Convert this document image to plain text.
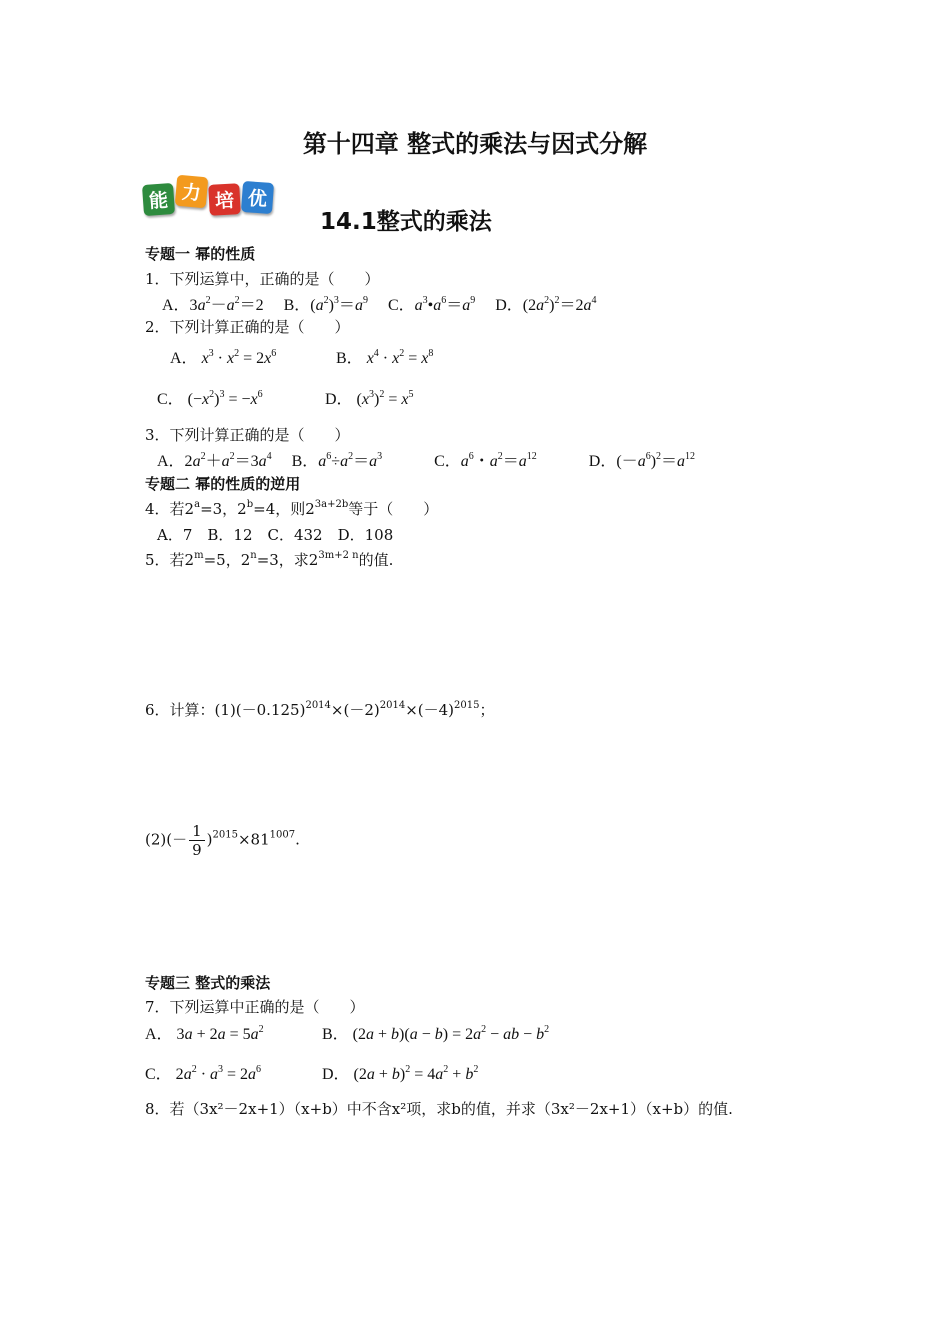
第十四章 整式的乘法与因式分解
能 力 培 优
14.1整式的乘法
专题一 幂的性质
1．下列运算中，正确的是（　　）
A．$3a^2-a^2=2$　 B．$(a^2)^3=a^9$　 C．$a^3•a^6=a^9$　 D．$(2a^2)^2=2a^4$
2．下列计算正确的是（　　）
A． $x^3 \cdot x^2 = 2x^6$	B． $x^4 \cdot x^2 = x^8$
C． $(-x^2)^3 = -x^6$	D． $(x^3)^2 = x^5$
3．下列计算正确的是（　　）
A．$2a^2+a^2=3a^4$　 B．$a^6\div a^2=a^3$　　　 C．$a^6$・$a^2=a^{12}$　　　 D．$(-a^6)^2=a^{12}$
专题二 幂的性质的逆用
4．若$2^a=3$，$2^b=4$，则$2^{3a+2b}$等于（　　）
A．7　B．12　C．432　D．108
5．若$2^m=5$，$2^n=3$，求$2^{3m+2 n}$的值.
6．计算：$(1)(-0.125)^{2014}\times(-2)^{2014}\times(-4)^{2015}$；
$(2)(- \frac{1}{9} )^{2015}\times 81^{1007}$.
专题三 整式的乘法
7．下列运算中正确的是（　　）
A． $3a + 2a = 5a^2$	B． $(2a + b)(a - b) = 2a^2$ − ab − $b^2$
C． $2a^2 \cdot a^3 = 2a^6$	D． $(2a + b)^2 = 4a^2 + b^2$
8．若（3x²－2x+1）（x+b）中不含x²项，求b的值，并求（3x²－2x+1）（x+b）的值.
